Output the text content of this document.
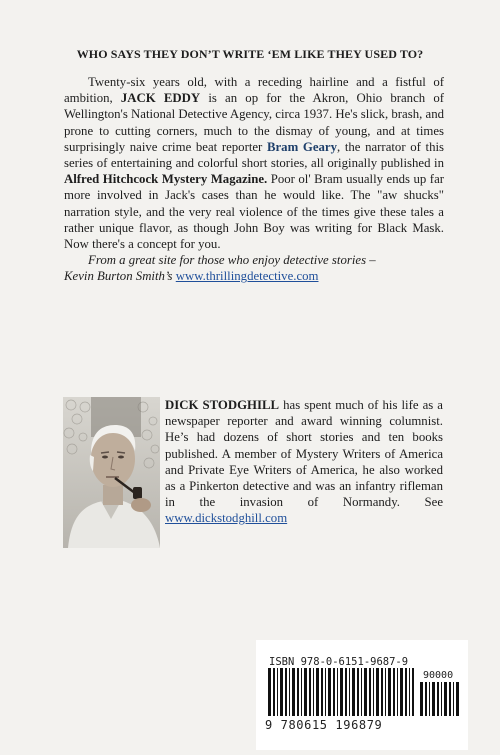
WHO SAYS THEY DON’T WRITE ‘EM LIKE THEY USED TO?

Twenty-six years old, with a receding hairline and a fistful of ambition, JACK EDDY is an op for the Akron, Ohio branch of Wellington's National Detective Agency, circa 1937. He's slick, brash, and prone to cutting corners, much to the dismay of young, and at times surprisingly naive crime beat reporter Bram Geary, the narrator of this series of entertaining and colorful short stories, all originally published in Alfred Hitchcock Mystery Magazine. Poor ol' Bram usually ends up far more involved in Jack's cases than he would like. The "aw shucks" narration style, and the very real violence of the times give these tales a rather unique flavor, as though John Boy was writing for Black Mask. Now there's a concept for you.

From a great site for those who enjoy detective stories –
Kevin Burton Smith’s www.thrillingdetective.com

DICK STODGHILL has spent much of his life as a newspaper reporter and award winning columnist. He’s had dozens of short stories and ten books published. A member of Mystery Writers of America and Private Eye Writers of America, he also worked as a Pinkerton detective and was an infantry rifleman in the invasion of Normandy. See www.dickstodghill.com
ISBN 978-0-6151-9687-9
90000
9 780615 196879
